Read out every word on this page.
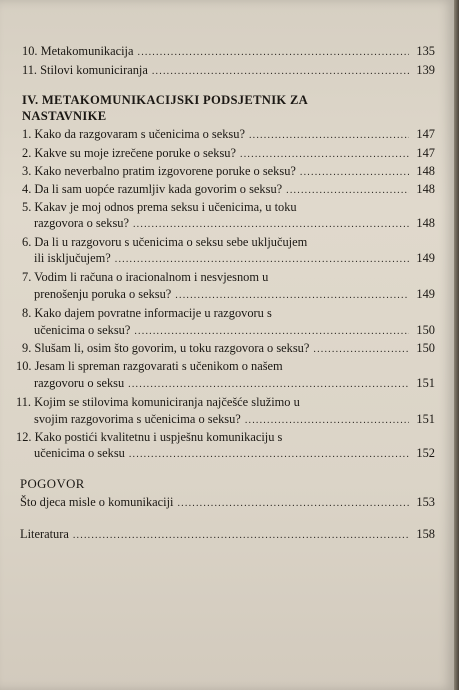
10. Metakomunikacija .....	135
11. Stilovi komuniciranja .....	139
IV. METAKOMUNIKACIJSKI PODSJETNIK ZA
NASTAVNIKE
1. Kako da razgovaram s učenicima o seksu? .....	147
2. Kakve su moje izrečene poruke o seksu? .....	147
3. Kako neverbalno pratim izgovorene poruke o seksu? .....	148
4. Da li sam uopće razumljiv kada govorim o seksu? .....	148
5. Kakav je moj odnos prema seksu i učenicima, u toku
razgovora o seksu? .....	148
6. Da li u razgovoru s učenicima o seksu sebe uključujem
ili isključujem? .....	149
7. Vodim li računa o iracionalnom i nesvjesnom u
prenošenju poruka o seksu? .....	149
8. Kako dajem povratne informacije u razgovoru s
učenicima o seksu? .....	150
9. Slušam li, osim što govorim, u toku razgovora o seksu? .....	150
10. Jesam li spreman razgovarati s učenikom o našem
razgovoru o seksu .....	151
11. Kojim se stilovima komuniciranja najčešće služimo u
svojim razgovorima s učenicima o seksu? .....	151
12. Kako postići kvalitetnu i uspješnu komunikaciju s
učenicima o seksu .....	152
POGOVOR
Što djeca misle o komunikaciji .....	153
Literatura .....	158
